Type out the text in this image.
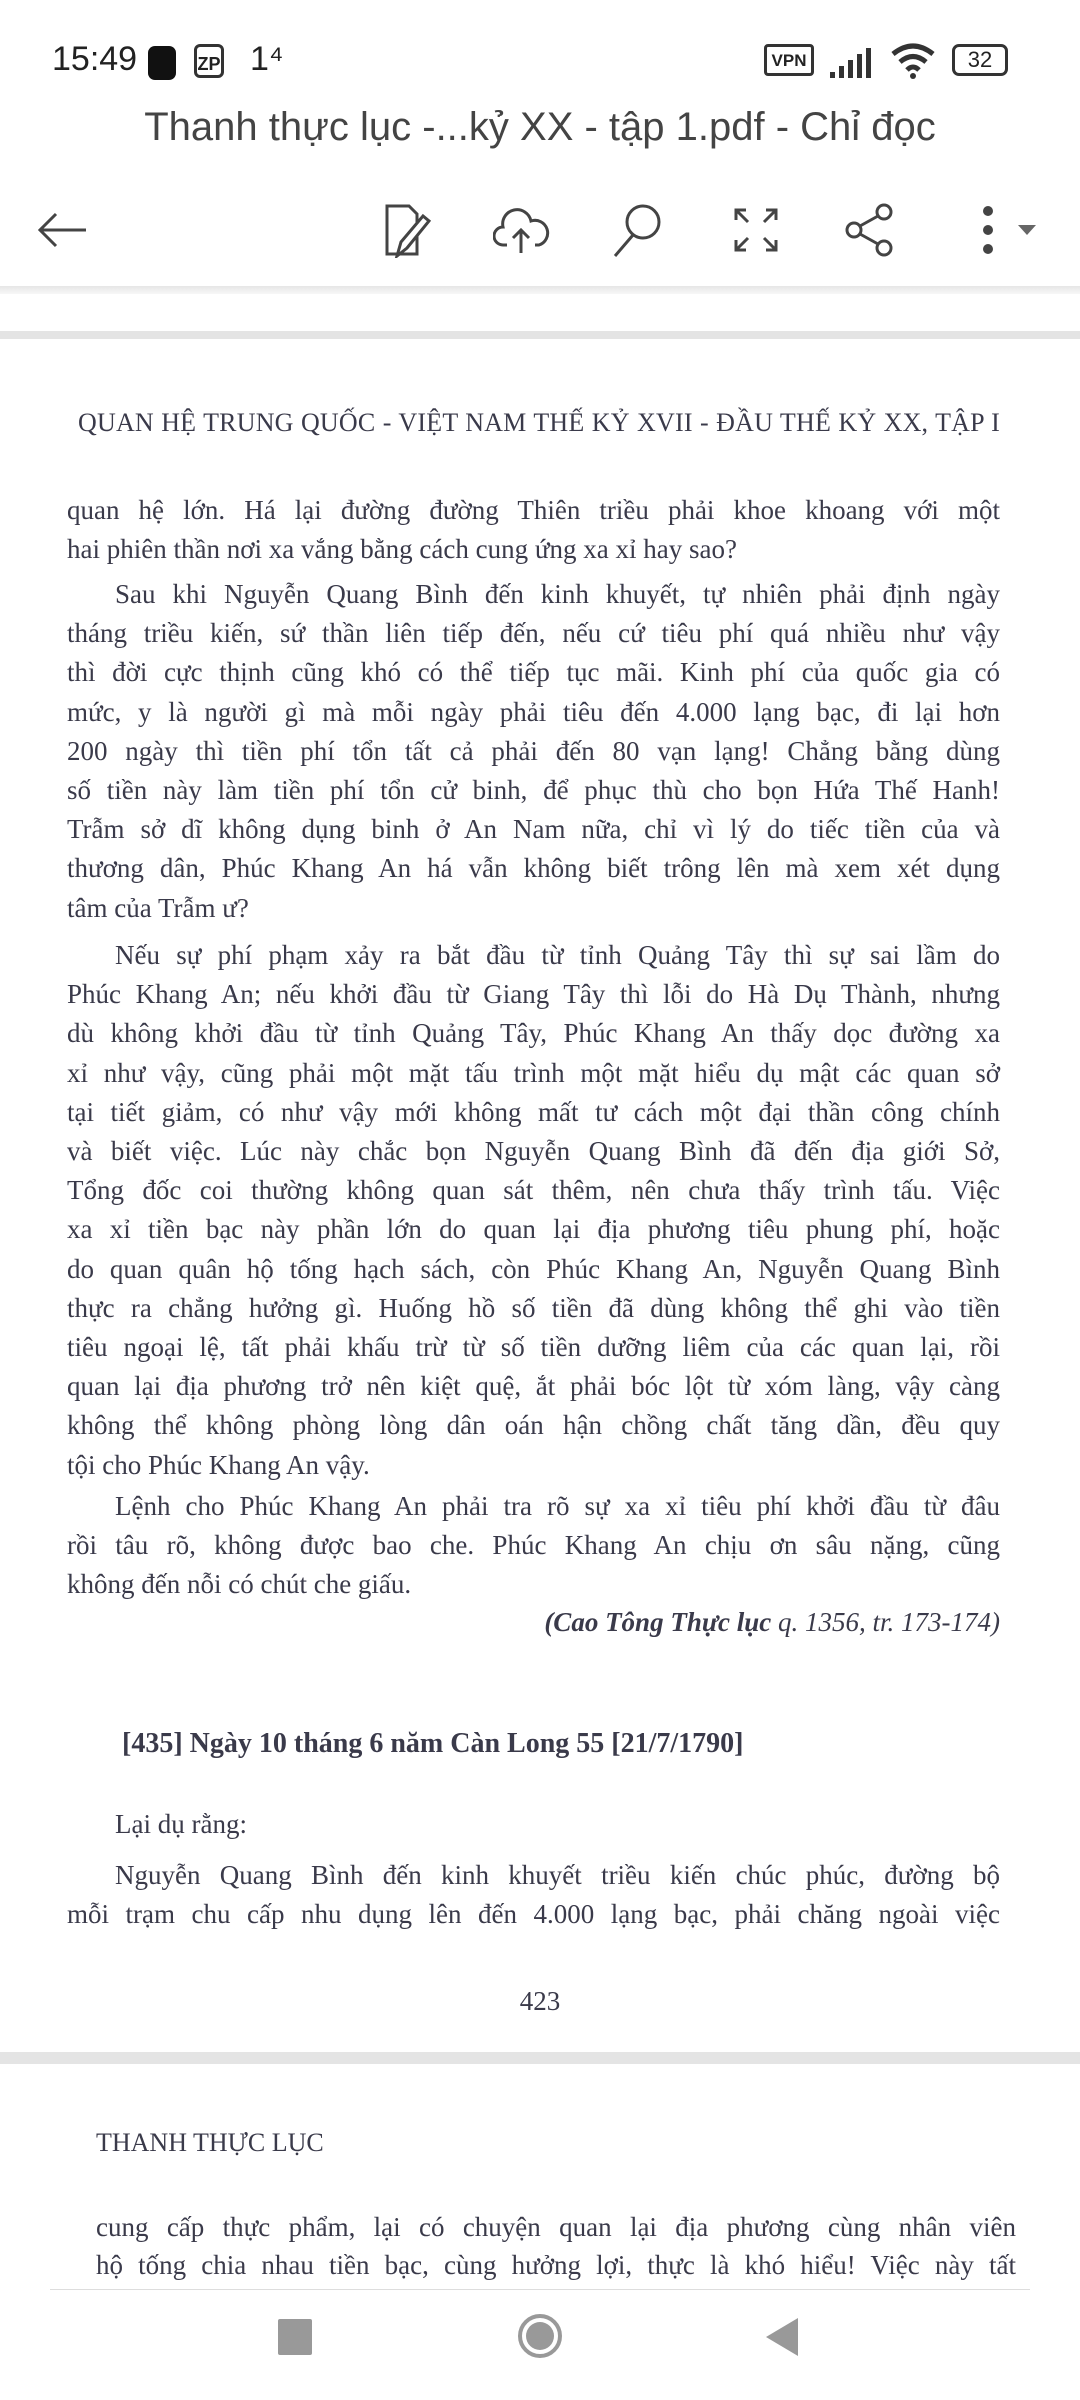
15:49	ZP 1⁴	VPN	32
Thanh thực lục -...kỷ XX - tập 1.pdf - Chỉ đọc
QUAN HỆ TRUNG QUỐC - VIỆT NAM THẾ KỶ XVII - ĐẦU THẾ KỶ XX, TẬP I
quan hệ lớn. Há lại đường đường Thiên triều phải khoe khoang với một
hai phiên thần nơi xa vắng bằng cách cung ứng xa xỉ hay sao?
Sau khi Nguyễn Quang Bình đến kinh khuyết, tự nhiên phải định ngày
tháng triều kiến, sứ thần liên tiếp đến, nếu cứ tiêu phí quá nhiều như vậy
thì đời cực thịnh cũng khó có thể tiếp tục mãi. Kinh phí của quốc gia có
mức, y là người gì mà mỗi ngày phải tiêu đến 4.000 lạng bạc, đi lại hơn
200 ngày thì tiền phí tổn tất cả phải đến 80 vạn lạng! Chẳng bằng dùng
số tiền này làm tiền phí tổn cử binh, để phục thù cho bọn Hứa Thế Hanh!
Trẫm sở dĩ không dụng binh ở An Nam nữa, chỉ vì lý do tiếc tiền của và
thương dân, Phúc Khang An há vẫn không biết trông lên mà xem xét dụng
tâm của Trẫm ư?
Nếu sự phí phạm xảy ra bắt đầu từ tỉnh Quảng Tây thì sự sai lầm do
Phúc Khang An; nếu khởi đầu từ Giang Tây thì lỗi do Hà Dụ Thành, nhưng
dù không khởi đầu từ tỉnh Quảng Tây, Phúc Khang An thấy dọc đường xa
xỉ như vậy, cũng phải một mặt tấu trình một mặt hiểu dụ mật các quan sở
tại tiết giảm, có như vậy mới không mất tư cách một đại thần công chính
và biết việc. Lúc này chắc bọn Nguyễn Quang Bình đã đến địa giới Sở,
Tổng đốc coi thường không quan sát thêm, nên chưa thấy trình tấu. Việc
xa xỉ tiền bạc này phần lớn do quan lại địa phương tiêu phung phí, hoặc
do quan quân hộ tống hạch sách, còn Phúc Khang An, Nguyễn Quang Bình
thực ra chẳng hưởng gì. Huống hồ số tiền đã dùng không thể ghi vào tiền
tiêu ngoại lệ, tất phải khấu trừ từ số tiền dưỡng liêm của các quan lại, rồi
quan lại địa phương trở nên kiệt quệ, ắt phải bóc lột từ xóm làng, vậy càng
không thể không phòng lòng dân oán hận chồng chất tăng dần, đều quy
tội cho Phúc Khang An vậy.
Lệnh cho Phúc Khang An phải tra rõ sự xa xỉ tiêu phí khởi đầu từ đâu
rồi tâu rõ, không được bao che. Phúc Khang An chịu ơn sâu nặng, cũng
không đến nỗi có chút che giấu.
(Cao Tông Thực lục q. 1356, tr. 173-174)
[435] Ngày 10 tháng 6 năm Càn Long 55 [21/7/1790]
Lại dụ rằng:
Nguyễn Quang Bình đến kinh khuyết triều kiến chúc phúc, đường bộ
mỗi trạm chu cấp nhu dụng lên đến 4.000 lạng bạc, phải chăng ngoài việc
423
THANH THỰC LỤC
cung cấp thực phẩm, lại có chuyện quan lại địa phương cùng nhân viên
hộ tống chia nhau tiền bạc, cùng hưởng lợi, thực là khó hiểu! Việc này tất
